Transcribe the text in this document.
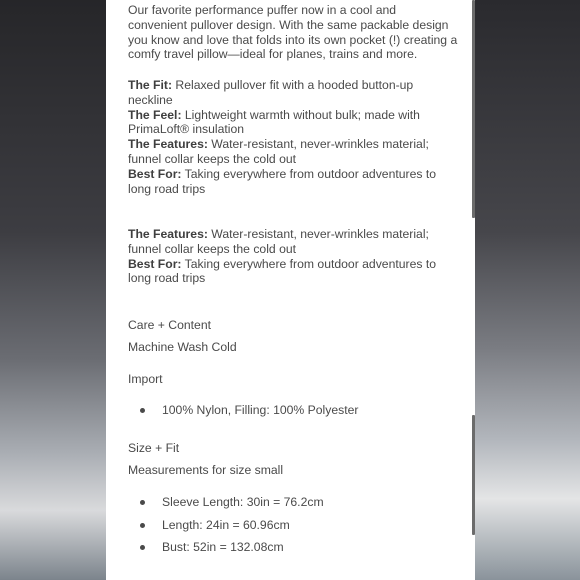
Our favorite performance puffer now in a cool and convenient pullover design. With the same packable design you know and love that folds into its own pocket (!) creating a comfy travel pillow—ideal for planes, trains and more.

The Fit: Relaxed pullover fit with a hooded button-up neckline

The Feel: Lightweight warmth without bulk; made with PrimaLoft® insulation

The Features: Water-resistant, never-wrinkles material; funnel collar keeps the cold out

Best For: Taking everywhere from outdoor adventures to long road trips

The Features: Water-resistant, never-wrinkles material; funnel collar keeps the cold out

Best For: Taking everywhere from outdoor adventures to long road trips

Care + Content
Machine Wash Cold
Import
100% Nylon, Filling: 100% Polyester
Size + Fit
Measurements for size small
Sleeve Length: 30in = 76.2cm
Length: 24in = 60.96cm
Bust: 52in = 132.08cm
